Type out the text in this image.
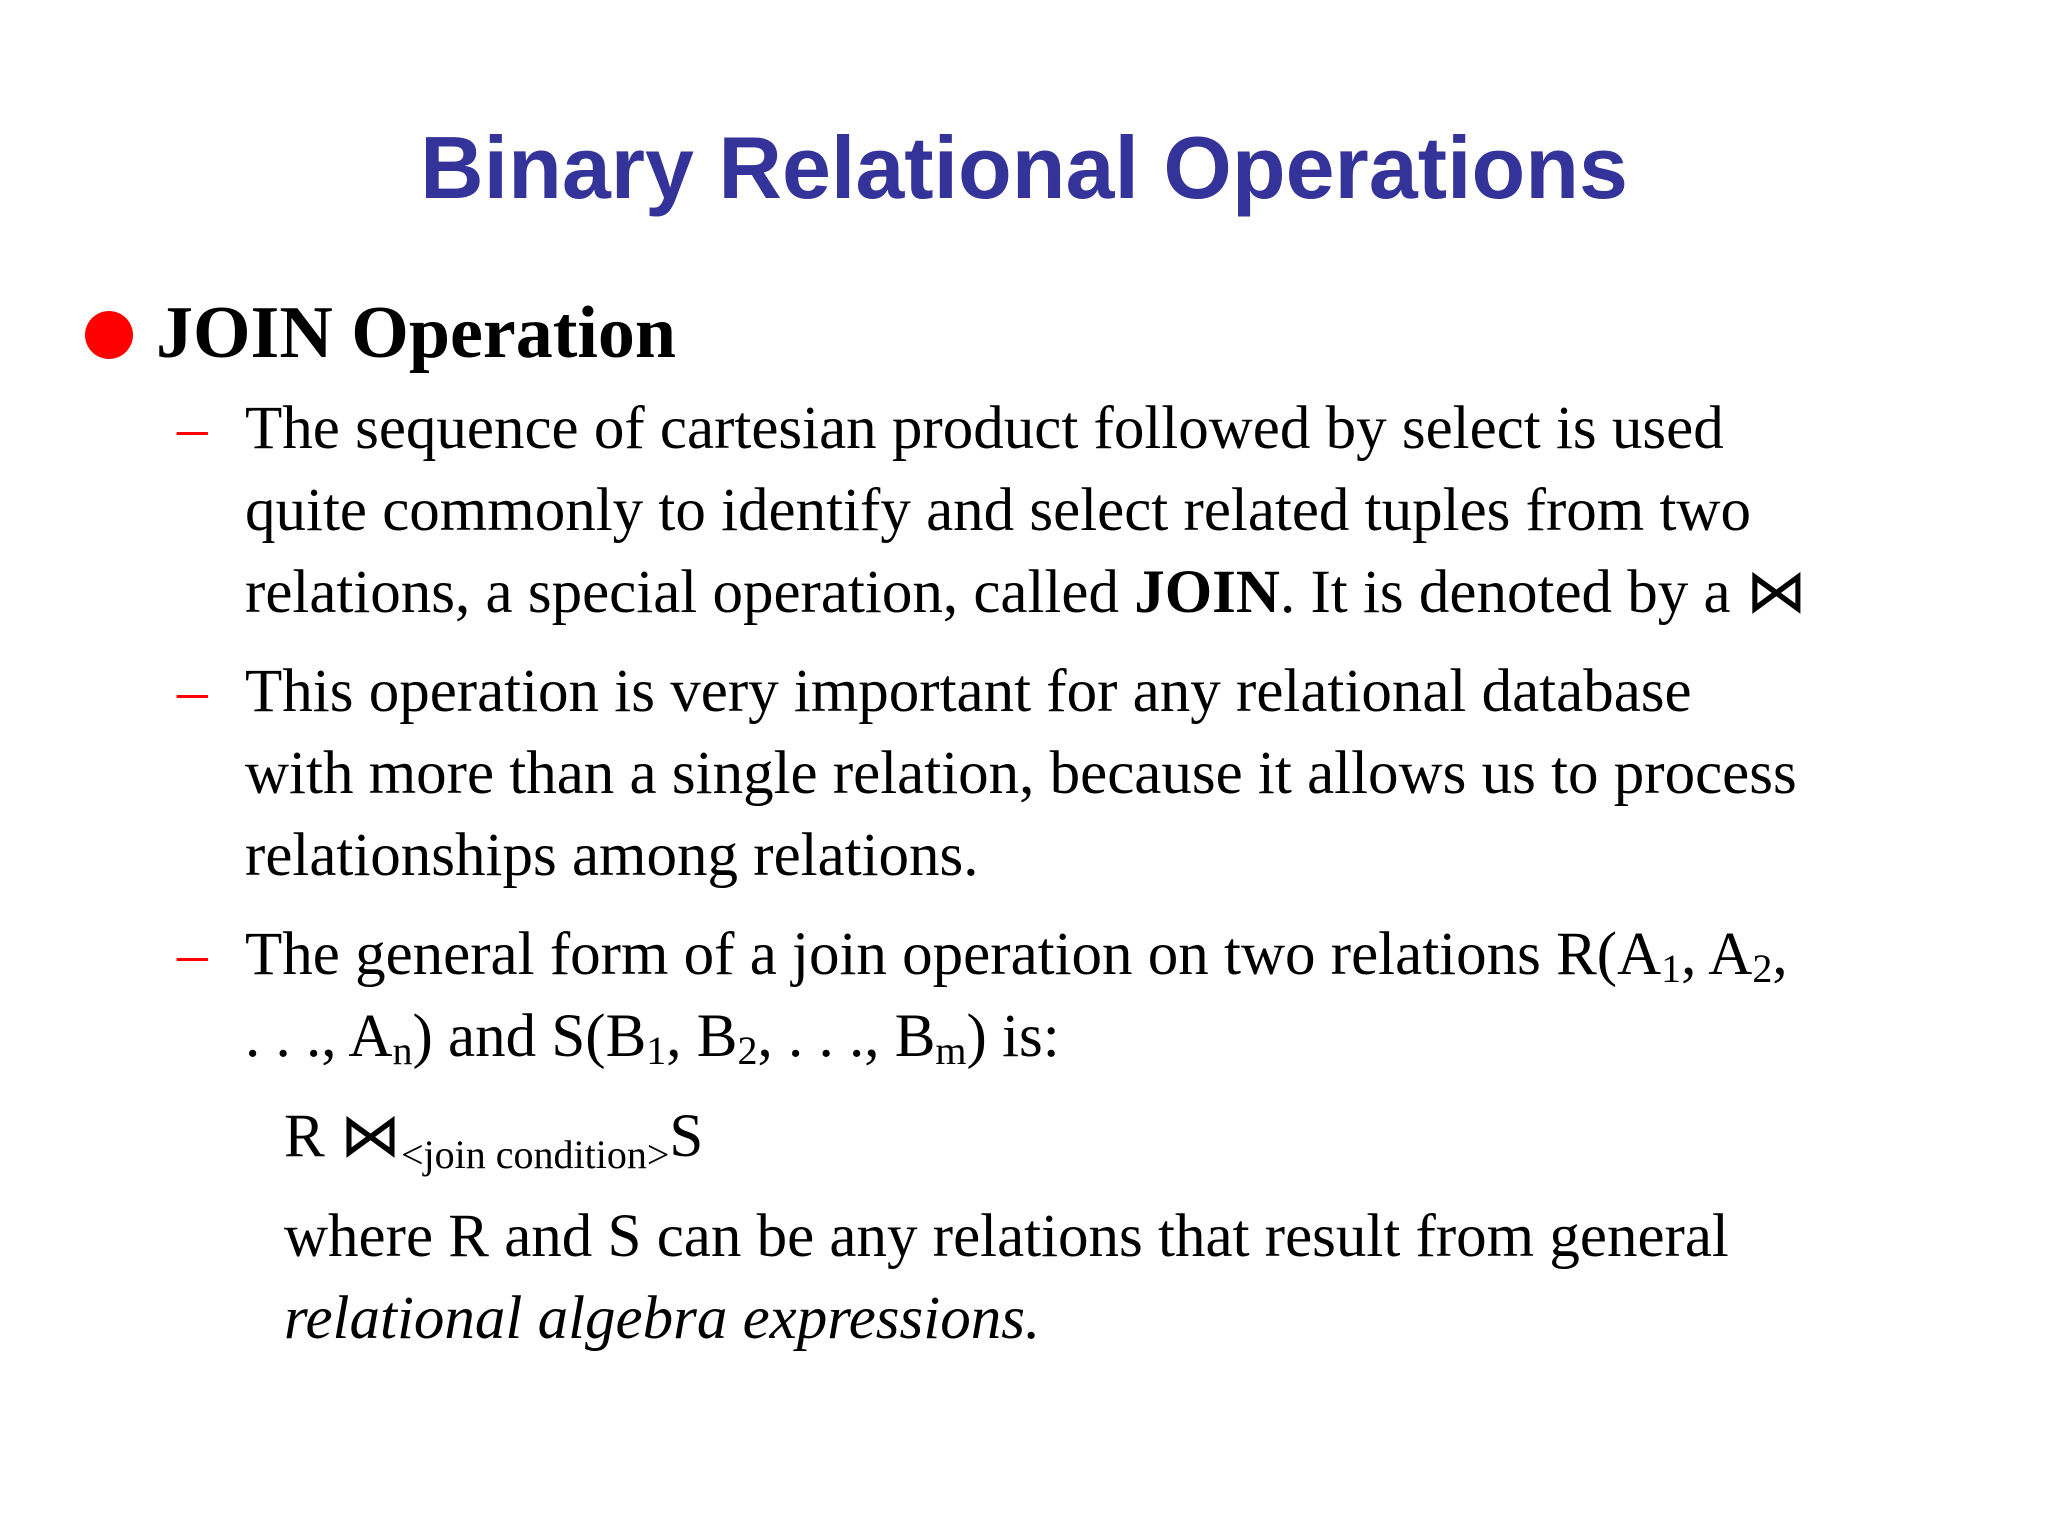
Binary Relational Operations
JOIN Operation
– The sequence of cartesian product followed by select is used
quite commonly to identify and select related tuples from two
relations, a special operation, called JOIN. It is denoted by a ⋈
– This operation is very important for any relational database
with more than a single relation, because it allows us to process
relationships among relations.
– The general form of a join operation on two relations $R(A_1$, $A_2$,
. . ., $A_n$) and $S(B_1$, $B_2$, . . ., $B_m$) is:
R ⋈<join condition>S
where R and S can be any relations that result from general
relational algebra expressions.
